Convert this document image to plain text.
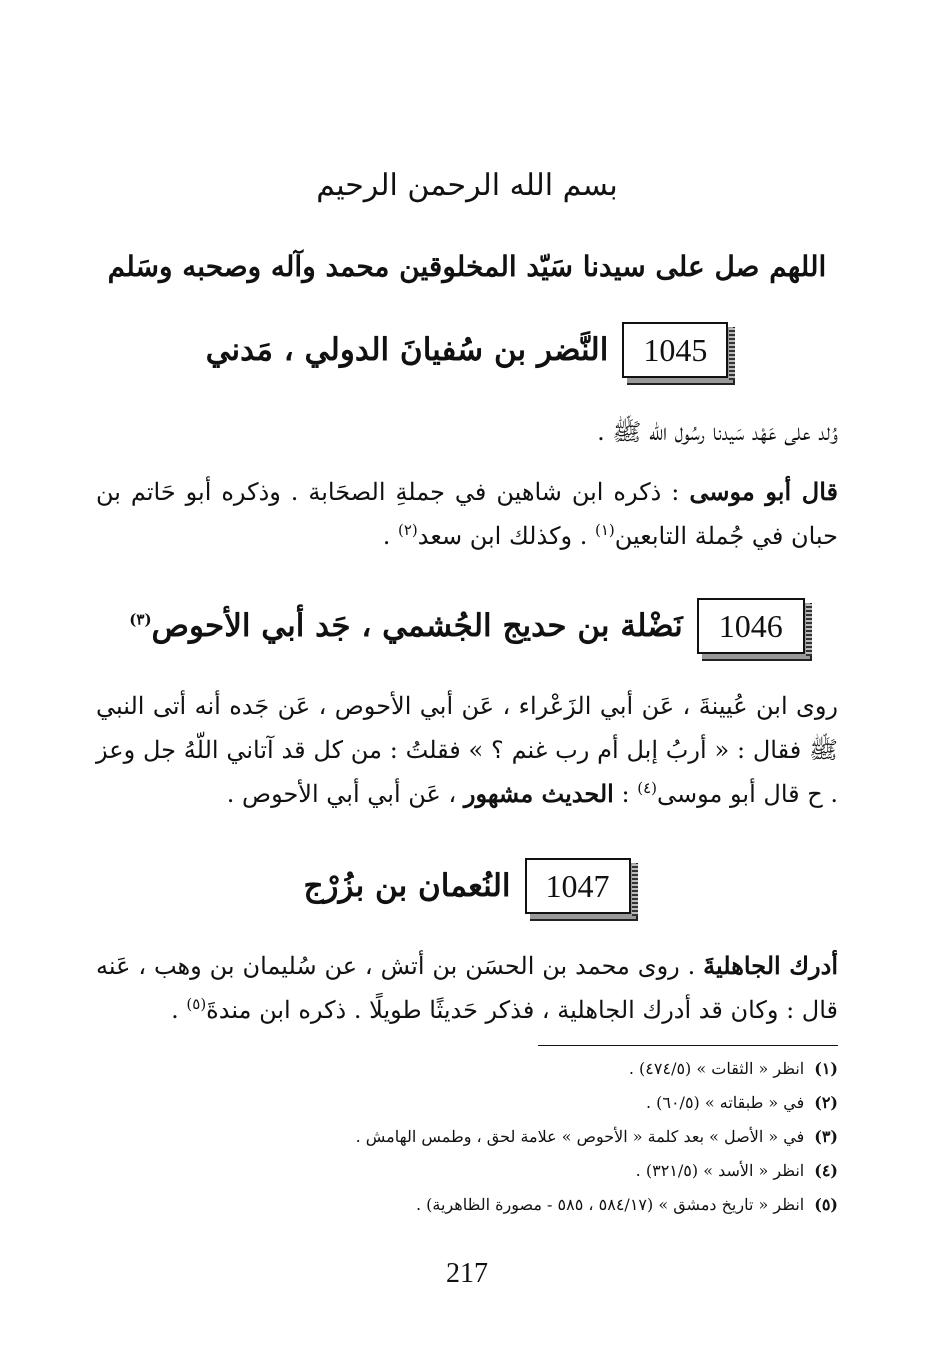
بسم الله الرحمن الرحيم
اللهم صل على سيدنا سَيّد المخلوقين محمد وآله وصحبه وسَلم
1045
النَّضر بن سُفيانَ الدولي ، مَدني
وُلد على عَهْد سَيدنا رسُول اللّه ﷺ .
قال أبو موسى : ذكره ابن شاهين في جملةِ الصحَابة . وذكره أبو حَاتم بن حبان في جُملة التابعين$^{(١)}$ . وكذلك ابن سعد$^{(٢)}$ .
1046
نَضْلة بن حديج الجُشمي ، جَد أبي الأحوص$^{(٣)}$
روى ابن عُيينةَ ، عَن أبي الزَعْراء ، عَن أبي الأحوص ، عَن جَده أنه أتى النبي ﷺ فقال : « أربُ إبل أم رب غنم ؟ » فقلتُ : من كل قد آتاني اللّهُ جل وعز . ح قال أبو موسى$^{(٤)}$ : الحديث مشهور ، عَن أبي أبي الأحوص .
1047
النُعمان بن بزُرْج
أدرك الجاهليةَ . روى محمد بن الحسَن بن أتش ، عن سُليمان بن وهب ، عَنه قال : وكان قد أدرك الجاهلية ، فذكر حَديثًا طويلًا . ذكره ابن مندةَ$^{(٥)}$ .
(١)انظر « الثقات » (٤٧٤/٥) .
(٢)في « طبقاته » (٦٠/٥) .
(٣)في « الأصل » بعد كلمة « الأحوص » علامة لحق ، وطمس الهامش .
(٤)انظر « الأسد » (٣٢١/٥) .
(٥)انظر « تاريخ دمشق » (٥٨٤/١٧ ، ٥٨٥ - مصورة الظاهرية) .
217
